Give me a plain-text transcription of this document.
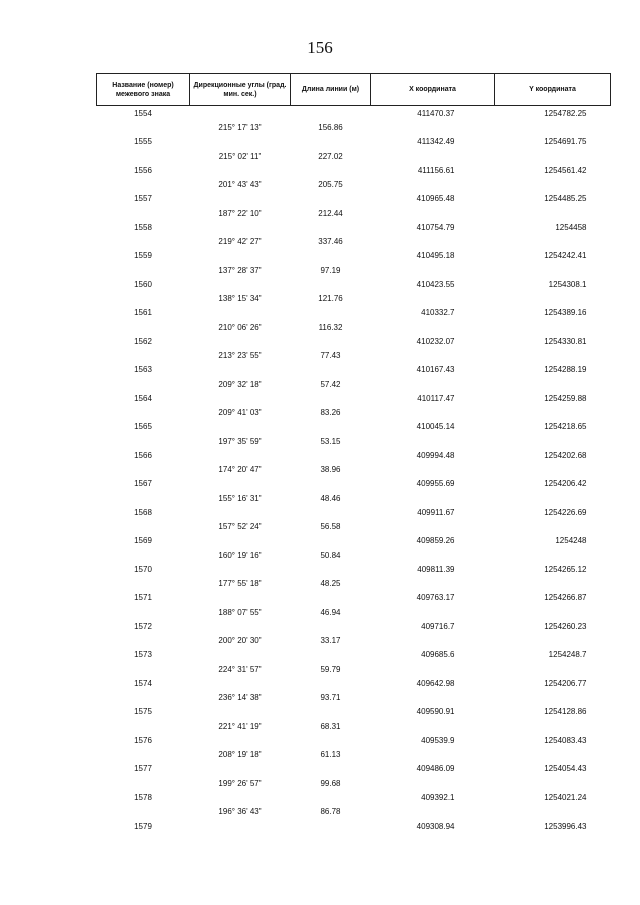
156
Название (номер) межевого знака	Дирекционные углы (град. мин. сек.)	Длина линии (м)	X координата	Y координата
1554			411470.37	1254782.25
	215° 17' 13"	156.86		
1555			411342.49	1254691.75
	215° 02' 11"	227.02		
1556			411156.61	1254561.42
	201° 43' 43"	205.75		
1557			410965.48	1254485.25
	187° 22' 10"	212.44		
1558			410754.79	1254458
	219° 42' 27"	337.46		
1559			410495.18	1254242.41
	137° 28' 37"	97.19		
1560			410423.55	1254308.1
	138° 15' 34"	121.76		
1561			410332.7	1254389.16
	210° 06' 26"	116.32		
1562			410232.07	1254330.81
	213° 23' 55"	77.43		
1563			410167.43	1254288.19
	209° 32' 18"	57.42		
1564			410117.47	1254259.88
	209° 41' 03"	83.26		
1565			410045.14	1254218.65
	197° 35' 59"	53.15		
1566			409994.48	1254202.68
	174° 20' 47"	38.96		
1567			409955.69	1254206.42
	155° 16' 31"	48.46		
1568			409911.67	1254226.69
	157° 52' 24"	56.58		
1569			409859.26	1254248
	160° 19' 16"	50.84		
1570			409811.39	1254265.12
	177° 55' 18"	48.25		
1571			409763.17	1254266.87
	188° 07' 55"	46.94		
1572			409716.7	1254260.23
	200° 20' 30"	33.17		
1573			409685.6	1254248.7
	224° 31' 57"	59.79		
1574			409642.98	1254206.77
	236° 14' 38"	93.71		
1575			409590.91	1254128.86
	221° 41' 19"	68.31		
1576			409539.9	1254083.43
	208° 19' 18"	61.13		
1577			409486.09	1254054.43
	199° 26' 57"	99.68		
1578			409392.1	1254021.24
	196° 36' 43"	86.78		
1579			409308.94	1253996.43
